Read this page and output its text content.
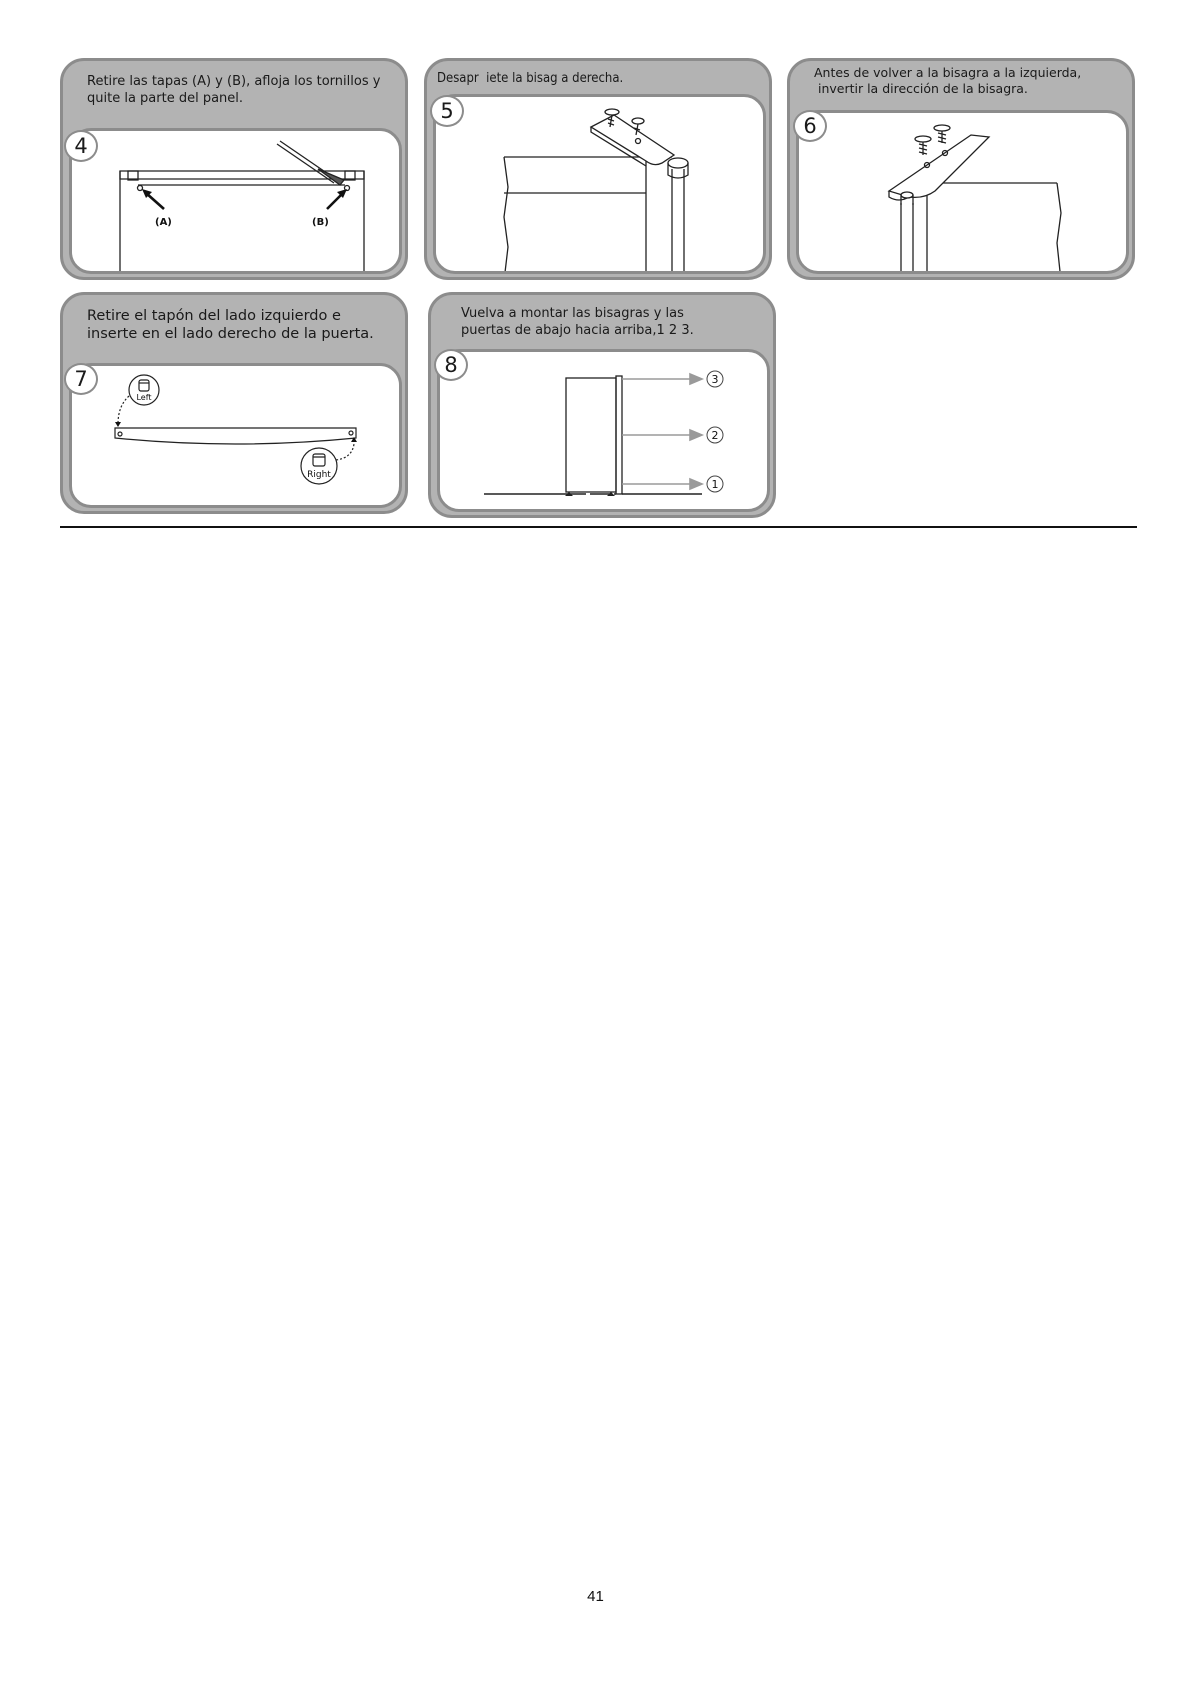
Retire las tapas (A) y (B), afloja los tornillos y
quite la parte del panel.
(A)	(B)
4
Desapr  iete la bisag a derecha.
5
Antes de volver a la bisagra a la izquierda,
invertir la dirección de la bisagra.
6
Retire el tapón del lado izquierdo e
inserte en el lado derecho de la puerta.
Left
Right
7
Vuelva a montar las bisagras y las
puertas de abajo hacia arriba,1 2 3.
3
2
1
8
41
